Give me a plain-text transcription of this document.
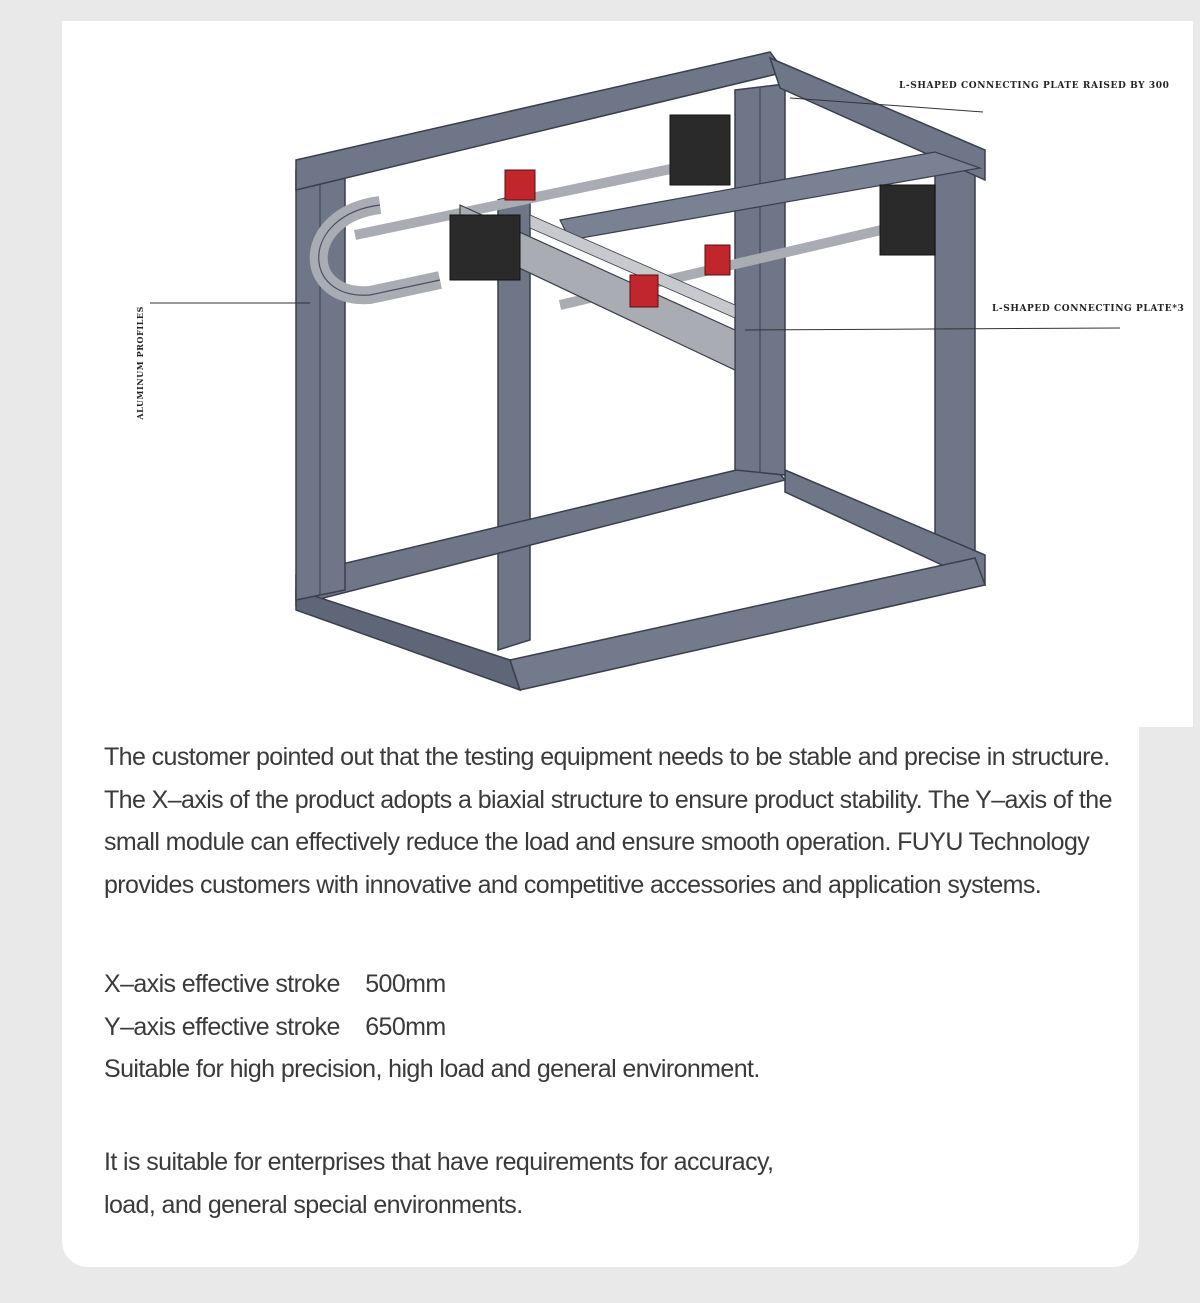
L-SHAPED CONNECTING PLATE RAISED BY 300
L-SHAPED CONNECTING PLATE*3
ALUMINUM PROFILES

The customer pointed out that the testing equipment needs to be stable and precise in structure. The X–axis of the product adopts a biaxial structure to ensure product stability. The Y–axis of the small module can effectively reduce the load and ensure smooth operation. FUYU Technology provides customers with innovative and competitive accessories and application systems.

X–axis effective stroke    500mm

Y–axis effective stroke    650mm

Suitable for high precision, high load and general environment.

It is suitable for enterprises that have requirements for accuracy,

load, and general special environments.
